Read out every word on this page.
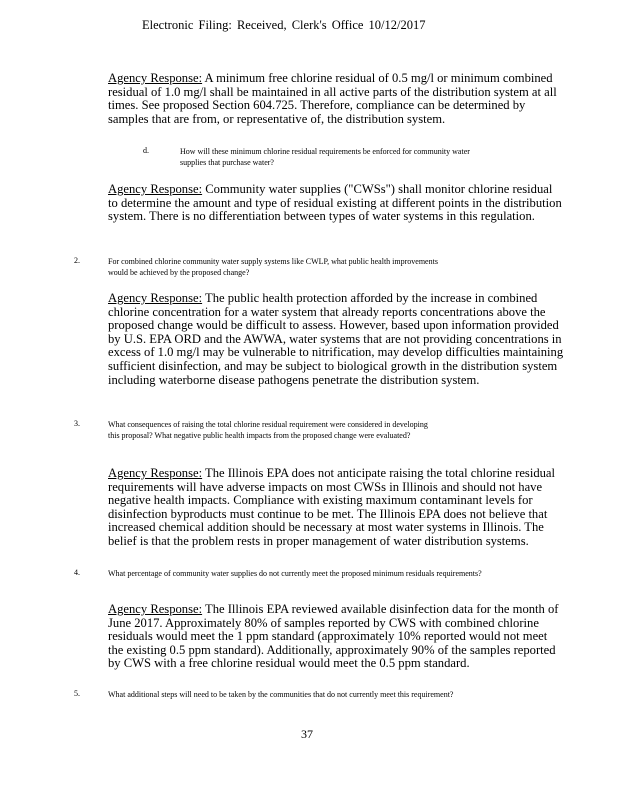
Electronic Filing: Received, Clerk's Office 10/12/2017
Agency Response: A minimum free chlorine residual of 0.5 mg/l or minimum combined residual of 1.0 mg/l shall be maintained in all active parts of the distribution system at all times. See proposed Section 604.725. Therefore, compliance can be determined by samples that are from, or representative of, the distribution system.
d.	How will these minimum chlorine residual requirements be enforced for community water supplies that purchase water?
Agency Response: Community water supplies ("CWSs") shall monitor chlorine residual to determine the amount and type of residual existing at different points in the distribution system. There is no differentiation between types of water systems in this regulation.
2.	For combined chlorine community water supply systems like CWLP, what public health improvements would be achieved by the proposed change?
Agency Response: The public health protection afforded by the increase in combined chlorine concentration for a water system that already reports concentrations above the proposed change would be difficult to assess. However, based upon information provided by U.S. EPA ORD and the AWWA, water systems that are not providing concentrations in excess of 1.0 mg/l may be vulnerable to nitrification, may develop difficulties maintaining sufficient disinfection, and may be subject to biological growth in the distribution system including waterborne disease pathogens penetrate the distribution system.
3.	What consequences of raising the total chlorine residual requirement were considered in developing this proposal? What negative public health impacts from the proposed change were evaluated?
Agency Response: The Illinois EPA does not anticipate raising the total chlorine residual requirements will have adverse impacts on most CWSs in Illinois and should not have negative health impacts. Compliance with existing maximum contaminant levels for disinfection byproducts must continue to be met. The Illinois EPA does not believe that increased chemical addition should be necessary at most water systems in Illinois. The belief is that the problem rests in proper management of water distribution systems.
4.	What percentage of community water supplies do not currently meet the proposed minimum residuals requirements?
Agency Response: The Illinois EPA reviewed available disinfection data for the month of June 2017. Approximately 80% of samples reported by CWS with combined chlorine residuals would meet the 1 ppm standard (approximately 10% reported would not meet the existing 0.5 ppm standard). Additionally, approximately 90% of the samples reported by CWS with a free chlorine residual would meet the 0.5 ppm standard.
5.	What additional steps will need to be taken by the communities that do not currently meet this requirement?
37
